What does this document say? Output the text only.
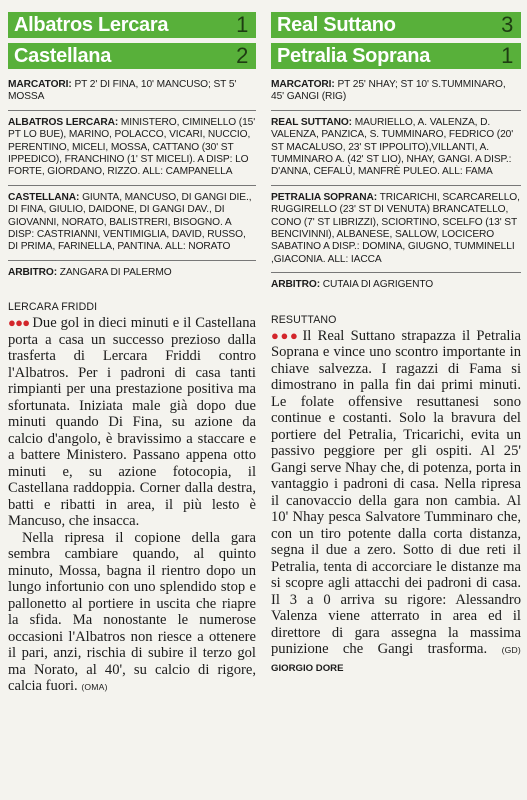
Albatros Lercara	1
Castellana	2

MARCATORI: PT 2' DI FINA, 10' MANCUSO; ST 5' MOSSA

ALBATROS LERCARA: MINISTERO, CIMINELLO (15' PT LO BUE), MARINO, POLACCO, VICARI, NUCCIO, PERENTINO, MICELI, MOSSA, CATTANO (30' ST IPPEDICO), FRANCHINO (1' ST MICELI). A DISP: LO FORTE, GIORDANO, RIZZO. ALL: CAMPANELLA

CASTELLANA: GIUNTA, MANCUSO, DI GANGI DIE., DI FINA, GIULIO, DAIDONE, DI GANGI DAV., DI GIOVANNI, NORATO, BALISTRERI, BISOGNO. A DISP: CASTRIANNI, VENTIMIGLIA, DAVID, RUSSO, DI PRIMA, FARINELLA, PANTINA. ALL: NORATO

ARBITRO: ZANGARA DI PALERMO

LERCARA FRIDDI

●●● Due gol in dieci minuti e il Castellana porta a casa un successo prezioso dalla trasferta di Lercara Friddi contro l'Albatros. Per i padroni di casa tanti rimpianti per una prestazione positiva ma sfortunata. Iniziata male già dopo due minuti quando Di Fina, su azione da calcio d'angolo, è bravissimo a staccare e a battere Ministero. Passano appena otto minuti e, su azione fotocopia, il Castellana raddoppia. Corner dalla destra, batti e ribatti in area, il più lesto è Mancuso, che insacca.

Nella ripresa il copione della gara sembra cambiare quando, al quinto minuto, Mossa, bagna il rientro dopo un lungo infortunio con uno splendido stop e pallonetto al portiere in uscita che riapre la sfida. Ma nonostante le numerose occasioni l'Albatros non riesce a ottenere il pari, anzi, rischia di subire il terzo gol ma Norato, al 40', su calcio di rigore, calcia fuori. (OMA)

Real Suttano	3
Petralia Soprana	1

MARCATORI: PT 25' NHAY; ST 10' S.TUMMINARO, 45' GANGI (RIG)

REAL SUTTANO: MAURIELLO, A. VALENZA, D. VALENZA, PANZICA, S. TUMMINARO, FEDRICO (20' ST MACALUSO, 23' ST IPPOLITO),VILLANTI, A. TUMMINARO A. (42' ST LIO), NHAY, GANGI. A DISP.: D'ANNA, CEFALÙ, MANFRÈ PULEO. ALL: FAMA

PETRALIA SOPRANA: TRICARICHI, SCARCARELLO, RUGGIRELLO (23' ST DI VENUTA) BRANCATELLO, CONO (7' ST LIBRIZZI), SCIORTINO, SCELFO (13' ST BENCIVINNI), ALBANESE, SALLOW, LOCICERO SABATINO A DISP.: DOMINA, GIUGNO, TUMMINELLI ,GIACONIA. ALL: IACCA

ARBITRO: CUTAIA DI AGRIGENTO

RESUTTANO

●●● Il Real Suttano strapazza il Petralia Soprana e vince uno scontro importante in chiave salvezza. I ragazzi di Fama si dimostrano in palla fin dai primi minuti. Le folate offensive resuttanesi sono continue e costanti. Solo la bravura del portiere del Petralia, Tricarichi, evita un passivo peggiore per gli ospiti. Al 25' Gangi serve Nhay che, di potenza, porta in vantaggio i padroni di casa. Nella ripresa il canovaccio della gara non cambia. Al 10' Nhay pesca Salvatore Tumminaro che, con un tiro potente dalla corta distanza, segna il due a zero. Sotto di due reti il Petralia, tenta di accorciare le distanze ma si scopre agli attacchi dei padroni di casa. Il 3 a 0 arriva su rigore: Alessandro Valenza viene atterrato in area ed il direttore di gara assegna la massima punizione che Gangi trasforma. (GD) GIORGIO DORE
